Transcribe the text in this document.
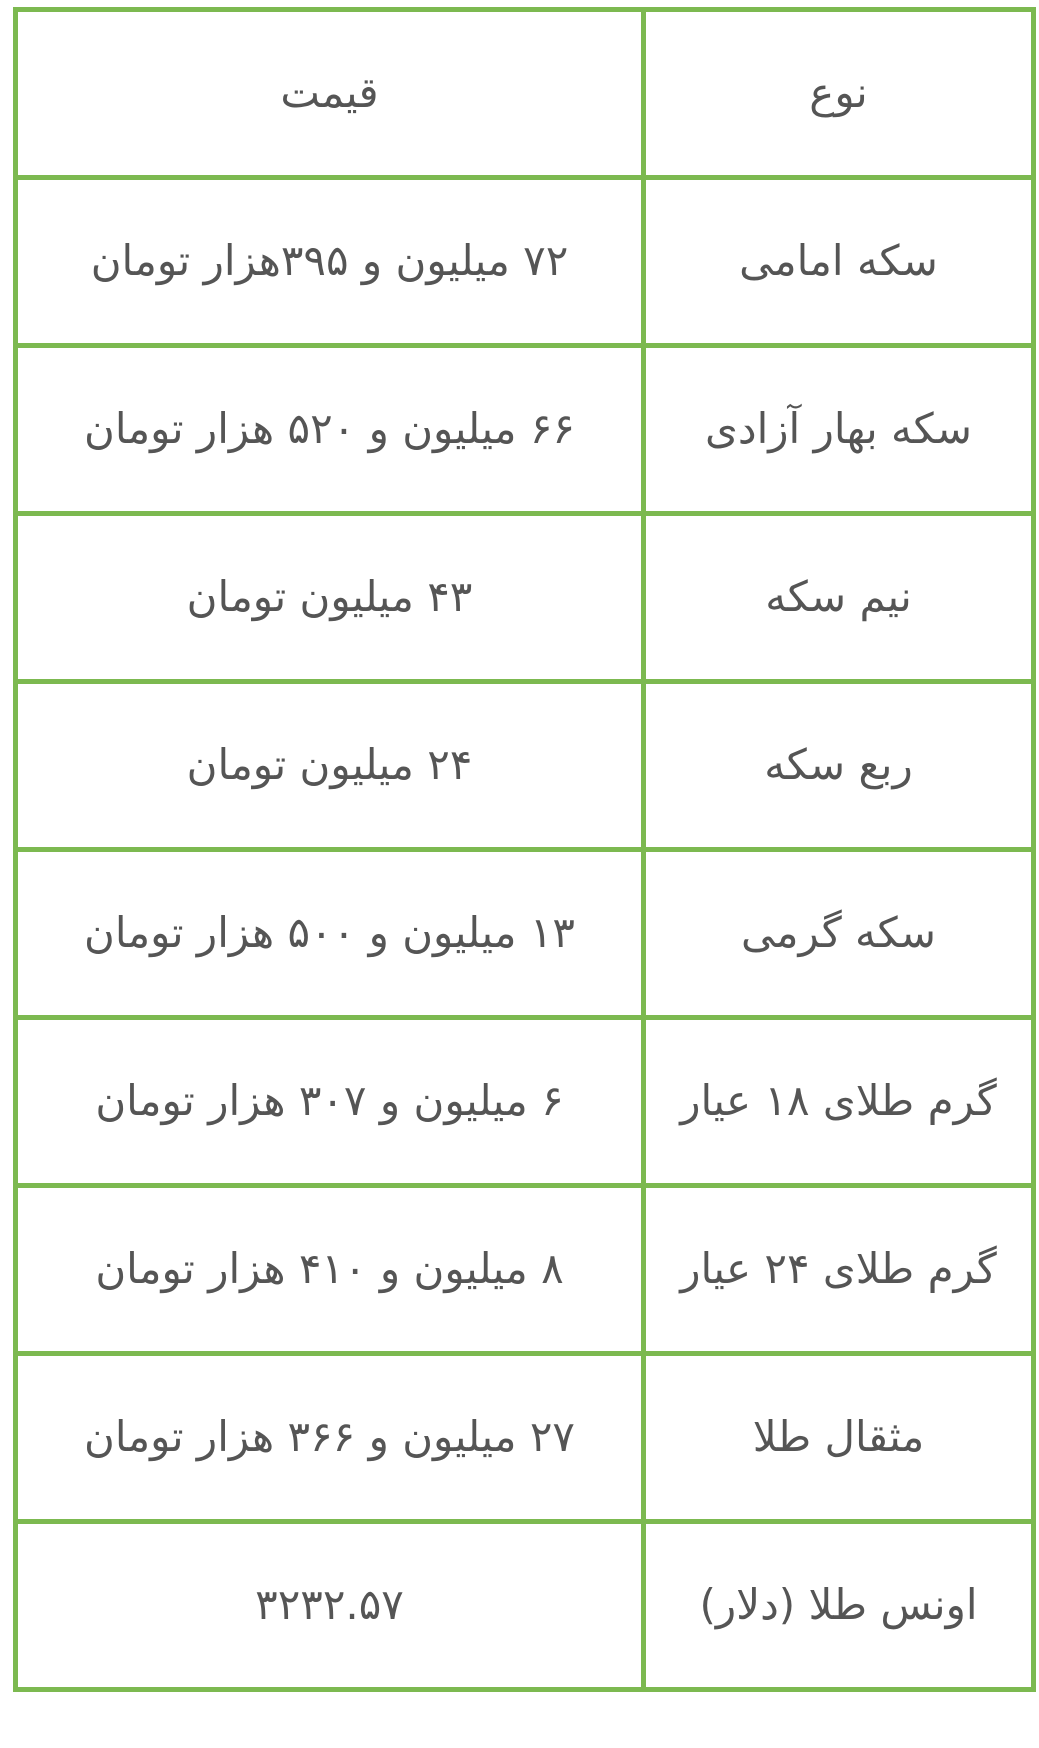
نوع	قیمت
سکه امامی	۷۲ میلیون و ۳۹۵هزار تومان
سکه بهار آزادی	۶۶ میلیون و ۵۲۰ هزار تومان
نیم سکه	۴۳ میلیون تومان
ربع سکه	۲۴ میلیون تومان
سکه گرمی	۱۳ میلیون و ۵۰۰ هزار تومان
گرم طلای ۱۸ عیار	۶ میلیون و ۳۰۷ هزار تومان
گرم طلای ۲۴ عیار	۸ میلیون و ۴۱۰ هزار تومان
مثقال طلا	۲۷ میلیون و ۳۶۶ هزار تومان
اونس طلا (دلار)	۳۲۳۲.۵۷
